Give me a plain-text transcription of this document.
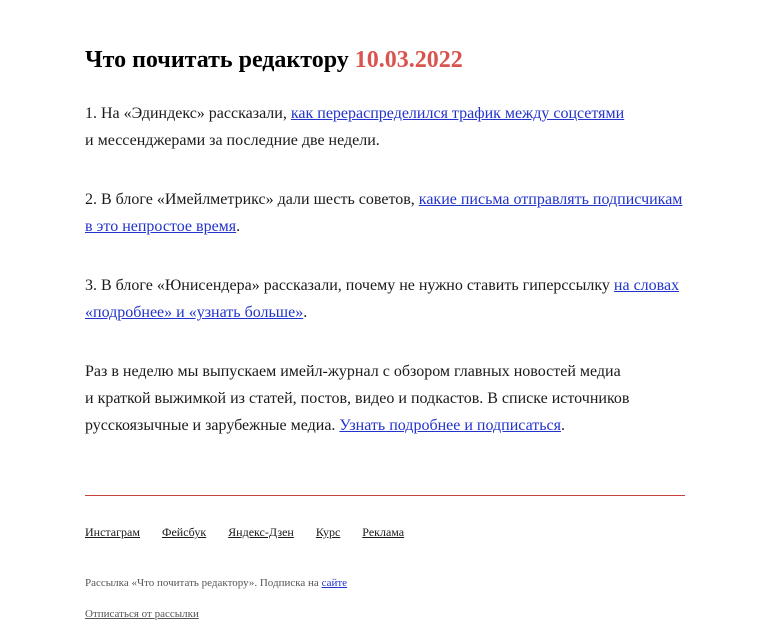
Что почитать редактору 10.03.2022

1. На «Эдиндекс» рассказали, как перераспределился трафик между соцсетями
и мессенджерами за последние две недели.

2. В блоге «Имейлметрикс» дали шесть советов, какие письма отправлять подписчикам в это непростое время.

3. В блоге «Юнисендера» рассказали, почему не нужно ставить гиперссылку на словах «подробнее» и «узнать больше».

Раз в неделю мы выпускаем имейл-журнал с обзором главных новостей медиа
и краткой выжимкой из статей, постов, видео и подкастов. В списке источников
русскоязычные и зарубежные медиа. Узнать подробнее и подписаться.

Инстаграм Фейсбук Яндекс-Дзен Курс Реклама
Рассылка «Что почитать редактору». Подписка на сайте
Отписаться от рассылки
